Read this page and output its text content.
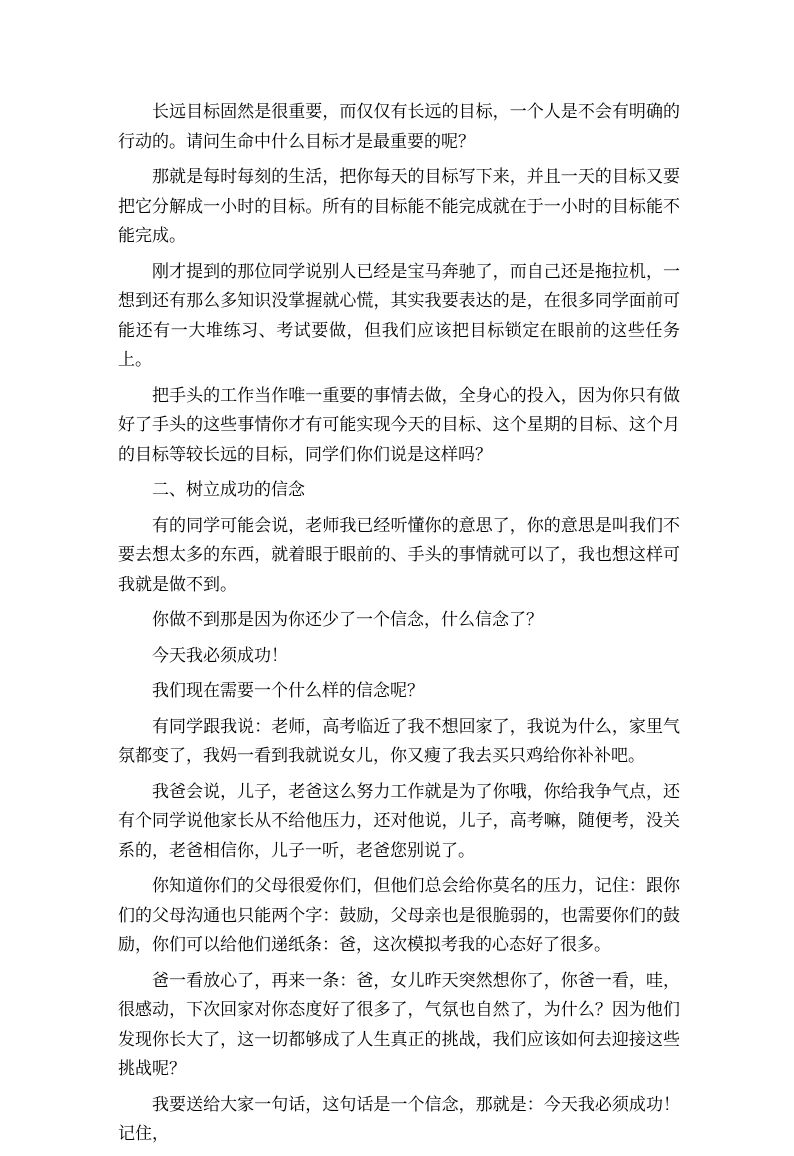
长远目标固然是很重要，而仅仅有长远的目标，一个人是不会有明确的行动的。请问生命中什么目标才是最重要的呢？

那就是每时每刻的生活，把你每天的目标写下来，并且一天的目标又要把它分解成一小时的目标。所有的目标能不能完成就在于一小时的目标能不能完成。

刚才提到的那位同学说别人已经是宝马奔驰了，而自己还是拖拉机，一想到还有那么多知识没掌握就心慌，其实我要表达的是，在很多同学面前可能还有一大堆练习、考试要做，但我们应该把目标锁定在眼前的这些任务上。

把手头的工作当作唯一重要的事情去做，全身心的投入，因为你只有做好了手头的这些事情你才有可能实现今天的目标、这个星期的目标、这个月的目标等较长远的目标，同学们你们说是这样吗？

二、树立成功的信念

有的同学可能会说，老师我已经听懂你的意思了，你的意思是叫我们不要去想太多的东西，就着眼于眼前的、手头的事情就可以了，我也想这样可我就是做不到。

你做不到那是因为你还少了一个信念，什么信念了？

今天我必须成功！

我们现在需要一个什么样的信念呢？

有同学跟我说：老师，高考临近了我不想回家了，我说为什么，家里气氛都变了，我妈一看到我就说女儿，你又瘦了我去买只鸡给你补补吧。

我爸会说，儿子，老爸这么努力工作就是为了你哦，你给我争气点，还有个同学说他家长从不给他压力，还对他说，儿子，高考嘛，随便考，没关系的，老爸相信你，儿子一听，老爸您别说了。

你知道你们的父母很爱你们，但他们总会给你莫名的压力，记住：跟你们的父母沟通也只能两个字：鼓励，父母亲也是很脆弱的，也需要你们的鼓励，你们可以给他们递纸条：爸，这次模拟考我的心态好了很多。

爸一看放心了，再来一条：爸，女儿昨天突然想你了，你爸一看，哇，很感动，下次回家对你态度好了很多了，气氛也自然了，为什么？因为他们发现你长大了，这一切都够成了人生真正的挑战，我们应该如何去迎接这些挑战呢？

我要送给大家一句话，这句话是一个信念，那就是：今天我必须成功！记住，
